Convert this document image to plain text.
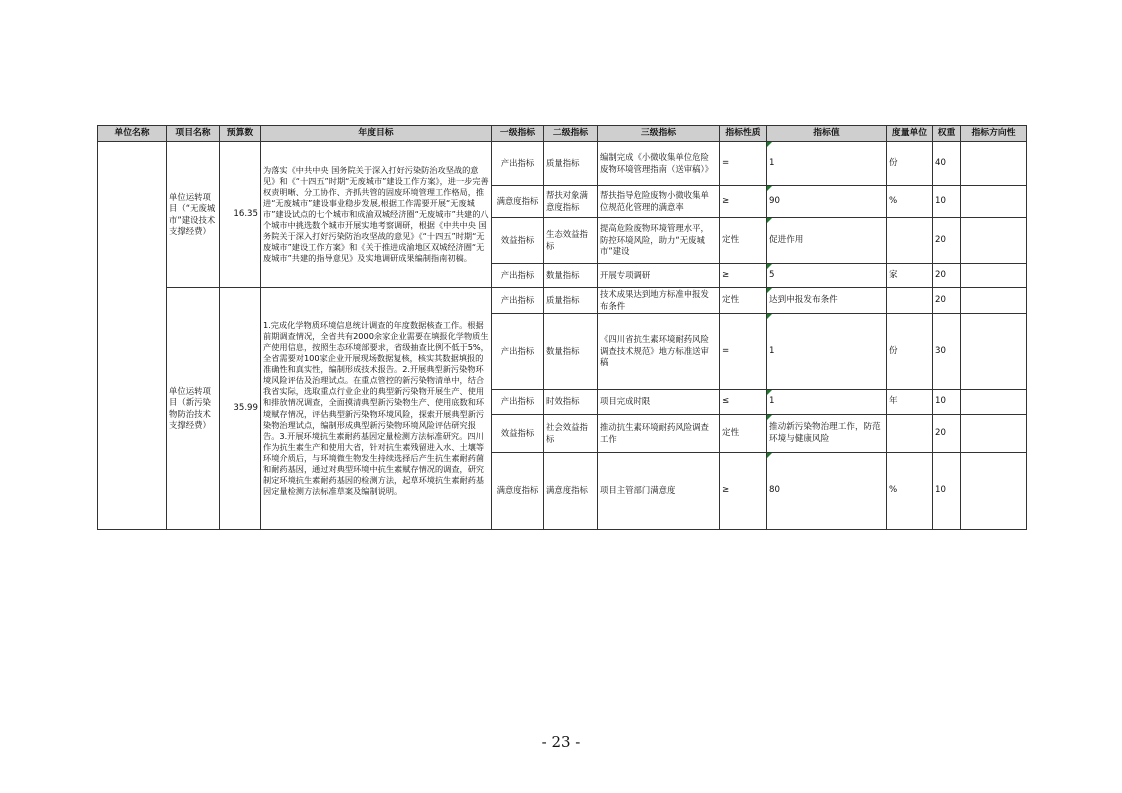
单位名称	项目名称	预算数	年度目标	一级指标	二级指标	三级指标	指标性质	指标值	度量单位	权重	指标方向性
	单位运转项目（“无废城市”建设技术支撑经费）	16.35	为落实《中共中央 国务院关于深入打好污染防治攻坚战的意见》和《“十四五”时期“无废城市”建设工作方案》，进一步完善权责明晰、分工协作、齐抓共管的固废环境管理工作格局，推进“无废城市”建设事业稳步发展,根据工作需要开展“无废城市”建设试点的七个城市和成渝双城经济圈“无废城市”共建的八个城市中挑选数个城市开展实地考察调研，根据《中共中央 国务院关于深入打好污染防治攻坚战的意见》《“十四五”时期“无废城市”建设工作方案》和《关于推进成渝地区双城经济圈“无废城市”共建的指导意见》及实地调研成果编制指南初稿。	产出指标	质量指标	编制完成《小微收集单位危险废物环境管理指南（送审稿）》	=	1	份	40	
				满意度指标	帮扶对象满意度指标	帮扶指导危险废物小微收集单位规范化管理的满意率	≥	90	%	10	
				效益指标	生态效益指标	提高危险废物环境管理水平，防控环境风险，助力“无废城市”建设	定性	促进作用		20	
				产出指标	数量指标	开展专项调研	≥	5	家	20	
	单位运转项目（新污染物防治技术支撑经费）	35.99	1.完成化学物质环境信息统计调查的年度数据核查工作。根据前期调查情况，全省共有2000余家企业需要在填报化学物质生产使用信息，按照生态环境部要求，省级抽查比例不低于5%，全省需要对100家企业开展现场数据复核，核实其数据填报的准确性和真实性，编制形成技术报告。2.开展典型新污染物环境风险评估及治理试点。在重点管控的新污染物清单中，结合我省实际，选取重点行业企业的典型新污染物开展生产、使用和排放情况调查，全面摸清典型新污染物生产、使用底数和环境赋存情况，评估典型新污染物环境风险，探索开展典型新污染物治理试点，编制形成典型新污染物环境风险评估研究报告。3.开展环境抗生素耐药基因定量检测方法标准研究。四川作为抗生素生产和使用大省，针对抗生素残留进入水、土壤等环境介质后，与环境微生物发生持续选择后产生抗生素耐药菌和耐药基因，通过对典型环境中抗生素赋存情况的调查，研究制定环境抗生素耐药基因的检测方法，起草环境抗生素耐药基因定量检测方法标准草案及编制说明。	产出指标	质量指标	技术成果达到地方标准申报发布条件	定性	达到申报发布条件		20	
				产出指标	数量指标	《四川省抗生素环境耐药风险调查技术规范》地方标准送审稿	=	1	份	30	
				产出指标	时效指标	项目完成时限	≤	1	年	10	
				效益指标	社会效益指标	推动抗生素环境耐药风险调查工作	定性	推动新污染物治理工作，防范环境与健康风险		20	
				满意度指标	满意度指标	项目主管部门满意度	≥	80	%	10	
- 23 -
